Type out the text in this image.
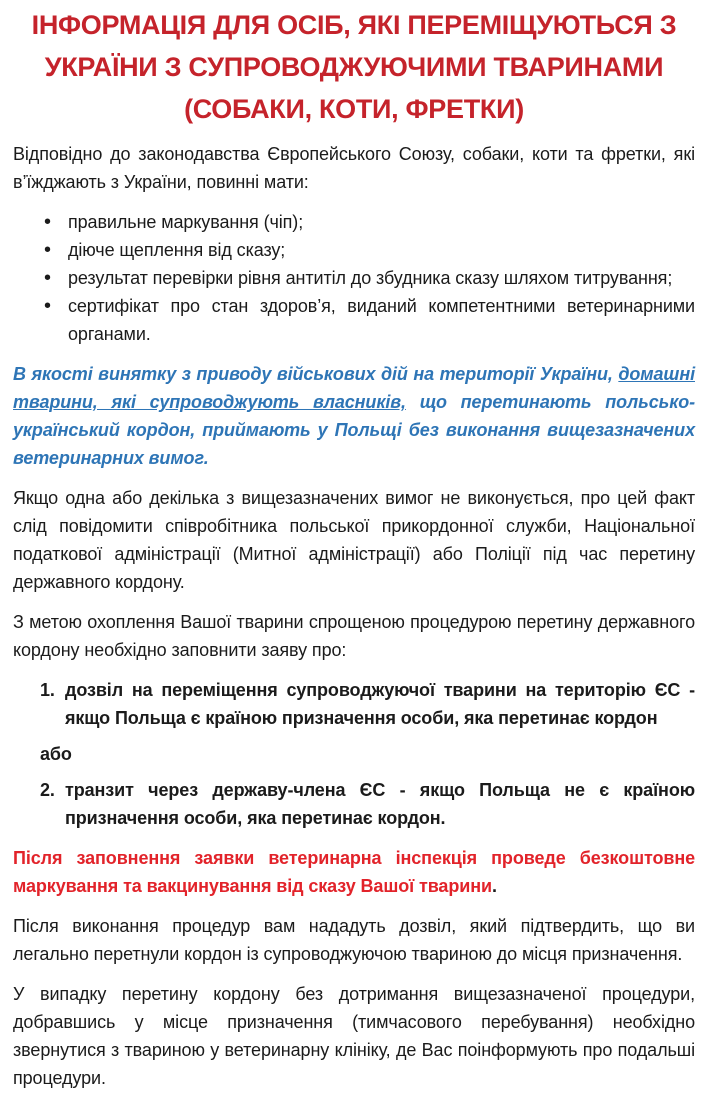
ІНФОРМАЦІЯ ДЛЯ ОСІБ, ЯКІ ПЕРЕМІЩУЮТЬСЯ З
УКРАЇНИ З СУПРОВОДЖУЮЧИМИ ТВАРИНАМИ
(СОБАКИ, КОТИ, ФРЕТКИ)

Відповідно до законодавства Європейського Союзу, собаки, коти та фретки, які в’їжджають з України, повинні мати:

• правильне маркування (чіп);
• діюче щеплення від сказу;
• результат перевірки рівня антитіл до збудника сказу шляхом титрування;
• сертифікат про стан здоров’я, виданий компетентними ветеринарними органами.

В якості винятку з приводу військових дій на території України, домашні тварини, які супроводжують власників, що перетинають польсько-український кордон, приймають у Польщі без виконання вищезазначених ветеринарних вимог.

Якщо одна або декілька з вищезазначених вимог не виконується, про цей факт слід повідомити співробітника польської прикордонної служби, Національної податкової адміністрації (Митної адміністрації) або Поліції під час перетину державного кордону.

З метою охоплення Вашої тварини спрощеною процедурою перетину державного кордону необхідно заповнити заяву про:

1. дозвіл на переміщення супроводжуючої тварини на територію ЄС - якщо Польща є країною призначення особи, яка перетинає кордон
або
2. транзит через державу-члена ЄС - якщо Польща не є країною призначення особи, яка перетинає кордон.

Після заповнення заявки ветеринарна інспекція проведе безкоштовне маркування та вакцинування від сказу Вашої тварини.

Після виконання процедур вам нададуть дозвіл, який підтвердить, що ви легально перетнули кордон із супроводжуючою твариною до місця призначення.

У випадку перетину кордону без дотримання вищезазначеної процедури, добравшись у місце призначення (тимчасового перебування) необхідно звернутися з твариною у ветеринарну клініку, де Вас поінформують про подальші процедури.
